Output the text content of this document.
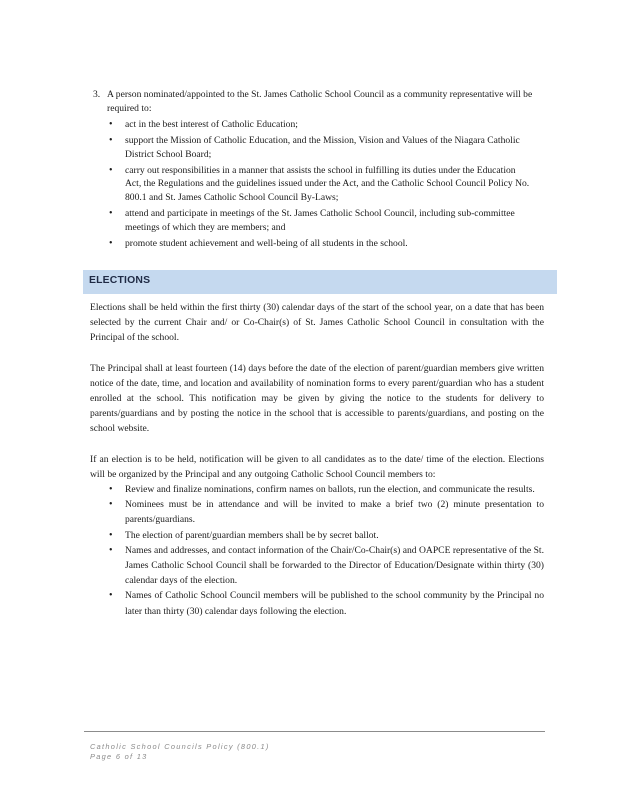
3. A person nominated/appointed to the St. James Catholic School Council as a community representative will be required to:
• act in the best interest of Catholic Education;
• support the Mission of Catholic Education, and the Mission, Vision and Values of the Niagara Catholic District School Board;
• carry out responsibilities in a manner that assists the school in fulfilling its duties under the Education Act, the Regulations and the guidelines issued under the Act, and the Catholic School Council Policy No. 800.1 and St. James Catholic School Council By-Laws;
• attend and participate in meetings of the St. James Catholic School Council, including sub-committee meetings of which they are members; and
• promote student achievement and well-being of all students in the school.
ELECTIONS

Elections shall be held within the first thirty (30) calendar days of the start of the school year, on a date that has been selected by the current Chair and/ or Co-Chair(s) of St. James Catholic School Council in consultation with the Principal of the school.

The Principal shall at least fourteen (14) days before the date of the election of parent/guardian members give written notice of the date, time, and location and availability of nomination forms to every parent/guardian who has a student enrolled at the school. This notification may be given by giving the notice to the students for delivery to parents/guardians and by posting the notice in the school that is accessible to parents/guardians, and posting on the school website.

If an election is to be held, notification will be given to all candidates as to the date/ time of the election. Elections will be organized by the Principal and any outgoing Catholic School Council members to:

• Review and finalize nominations, confirm names on ballots, run the election, and communicate the results.
• Nominees must be in attendance and will be invited to make a brief two (2) minute presentation to parents/guardians.
• The election of parent/guardian members shall be by secret ballot.
• Names and addresses, and contact information of the Chair/Co-Chair(s) and OAPCE representative of the St. James Catholic School Council shall be forwarded to the Director of Education/Designate within thirty (30) calendar days of the election.
• Names of Catholic School Council members will be published to the school community by the Principal no later than thirty (30) calendar days following the election.
Catholic School Councils Policy (800.1)
Page 6 of 13
